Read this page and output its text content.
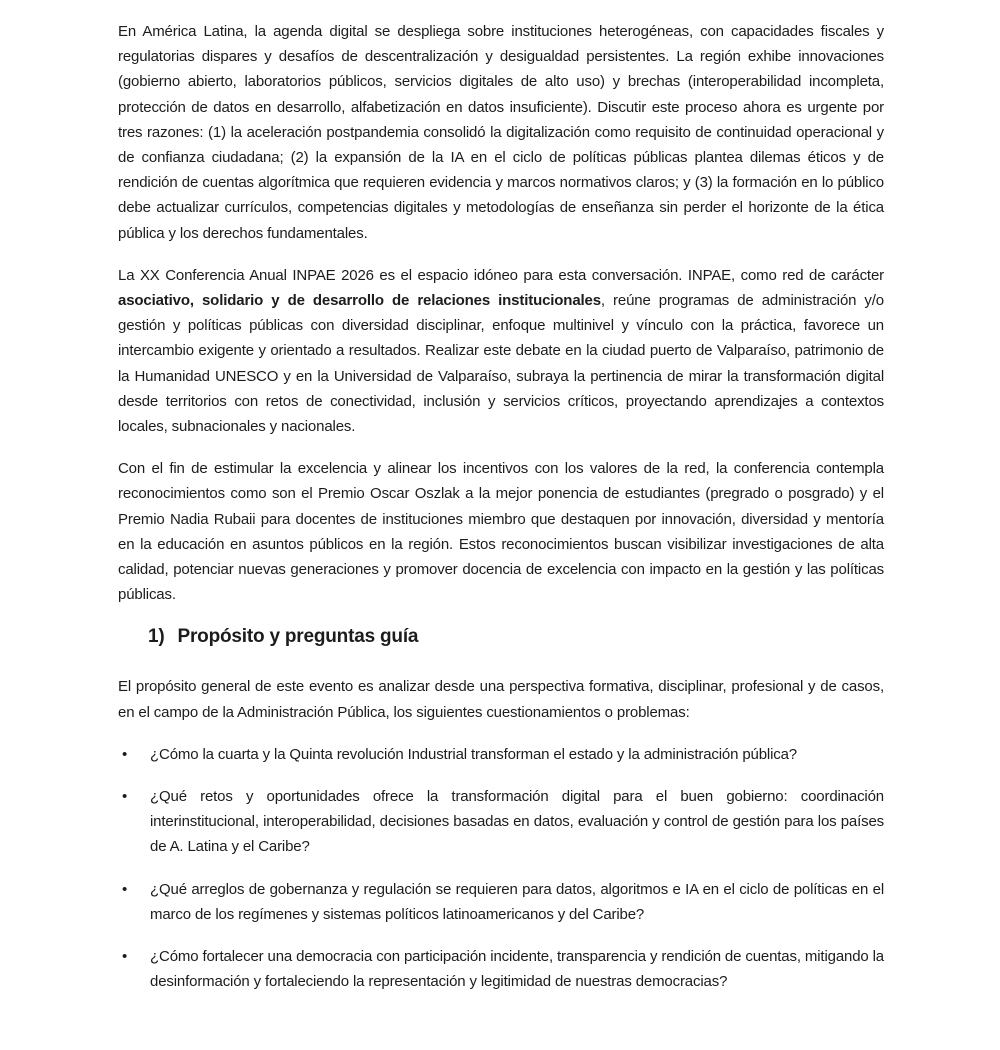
En América Latina, la agenda digital se despliega sobre instituciones heterogéneas, con capacidades fiscales y regulatorias dispares y desafíos de descentralización y desigualdad persistentes. La región exhibe innovaciones (gobierno abierto, laboratorios públicos, servicios digitales de alto uso) y brechas (interoperabilidad incompleta, protección de datos en desarrollo, alfabetización en datos insuficiente). Discutir este proceso ahora es urgente por tres razones: (1) la aceleración postpandemia consolidó la digitalización como requisito de continuidad operacional y de confianza ciudadana; (2) la expansión de la IA en el ciclo de políticas públicas plantea dilemas éticos y de rendición de cuentas algorítmica que requieren evidencia y marcos normativos claros; y (3) la formación en lo público debe actualizar currículos, competencias digitales y metodologías de enseñanza sin perder el horizonte de la ética pública y los derechos fundamentales.

La XX Conferencia Anual INPAE 2026 es el espacio idóneo para esta conversación. INPAE, como red de carácter asociativo, solidario y de desarrollo de relaciones institucionales, reúne programas de administración y/o gestión y políticas públicas con diversidad disciplinar, enfoque multinivel y vínculo con la práctica, favorece un intercambio exigente y orientado a resultados. Realizar este debate en la ciudad puerto de Valparaíso, patrimonio de la Humanidad UNESCO y en la Universidad de Valparaíso, subraya la pertinencia de mirar la transformación digital desde territorios con retos de conectividad, inclusión y servicios críticos, proyectando aprendizajes a contextos locales, subnacionales y nacionales.

Con el fin de estimular la excelencia y alinear los incentivos con los valores de la red, la conferencia contempla reconocimientos como son el Premio Oscar Oszlak a la mejor ponencia de estudiantes (pregrado o posgrado) y el Premio Nadia Rubaii para docentes de instituciones miembro que destaquen por innovación, diversidad y mentoría en la educación en asuntos públicos en la región. Estos reconocimientos buscan visibilizar investigaciones de alta calidad, potenciar nuevas generaciones y promover docencia de excelencia con impacto en la gestión y las políticas públicas.

1) Propósito y preguntas guía

El propósito general de este evento es analizar desde una perspectiva formativa, disciplinar, profesional y de casos, en el campo de la Administración Pública, los siguientes cuestionamientos o problemas:

• ¿Cómo la cuarta y la Quinta revolución Industrial transforman el estado y la administración pública?
• ¿Qué retos y oportunidades ofrece la transformación digital para el buen gobierno: coordinación interinstitucional, interoperabilidad, decisiones basadas en datos, evaluación y control de gestión para los países de A. Latina y el Caribe?
• ¿Qué arreglos de gobernanza y regulación se requieren para datos, algoritmos e IA en el ciclo de políticas en el marco de los regímenes y sistemas políticos latinoamericanos y del Caribe?
• ¿Cómo fortalecer una democracia con participación incidente, transparencia y rendición de cuentas, mitigando la desinformación y fortaleciendo la representación y legitimidad de nuestras democracias?
